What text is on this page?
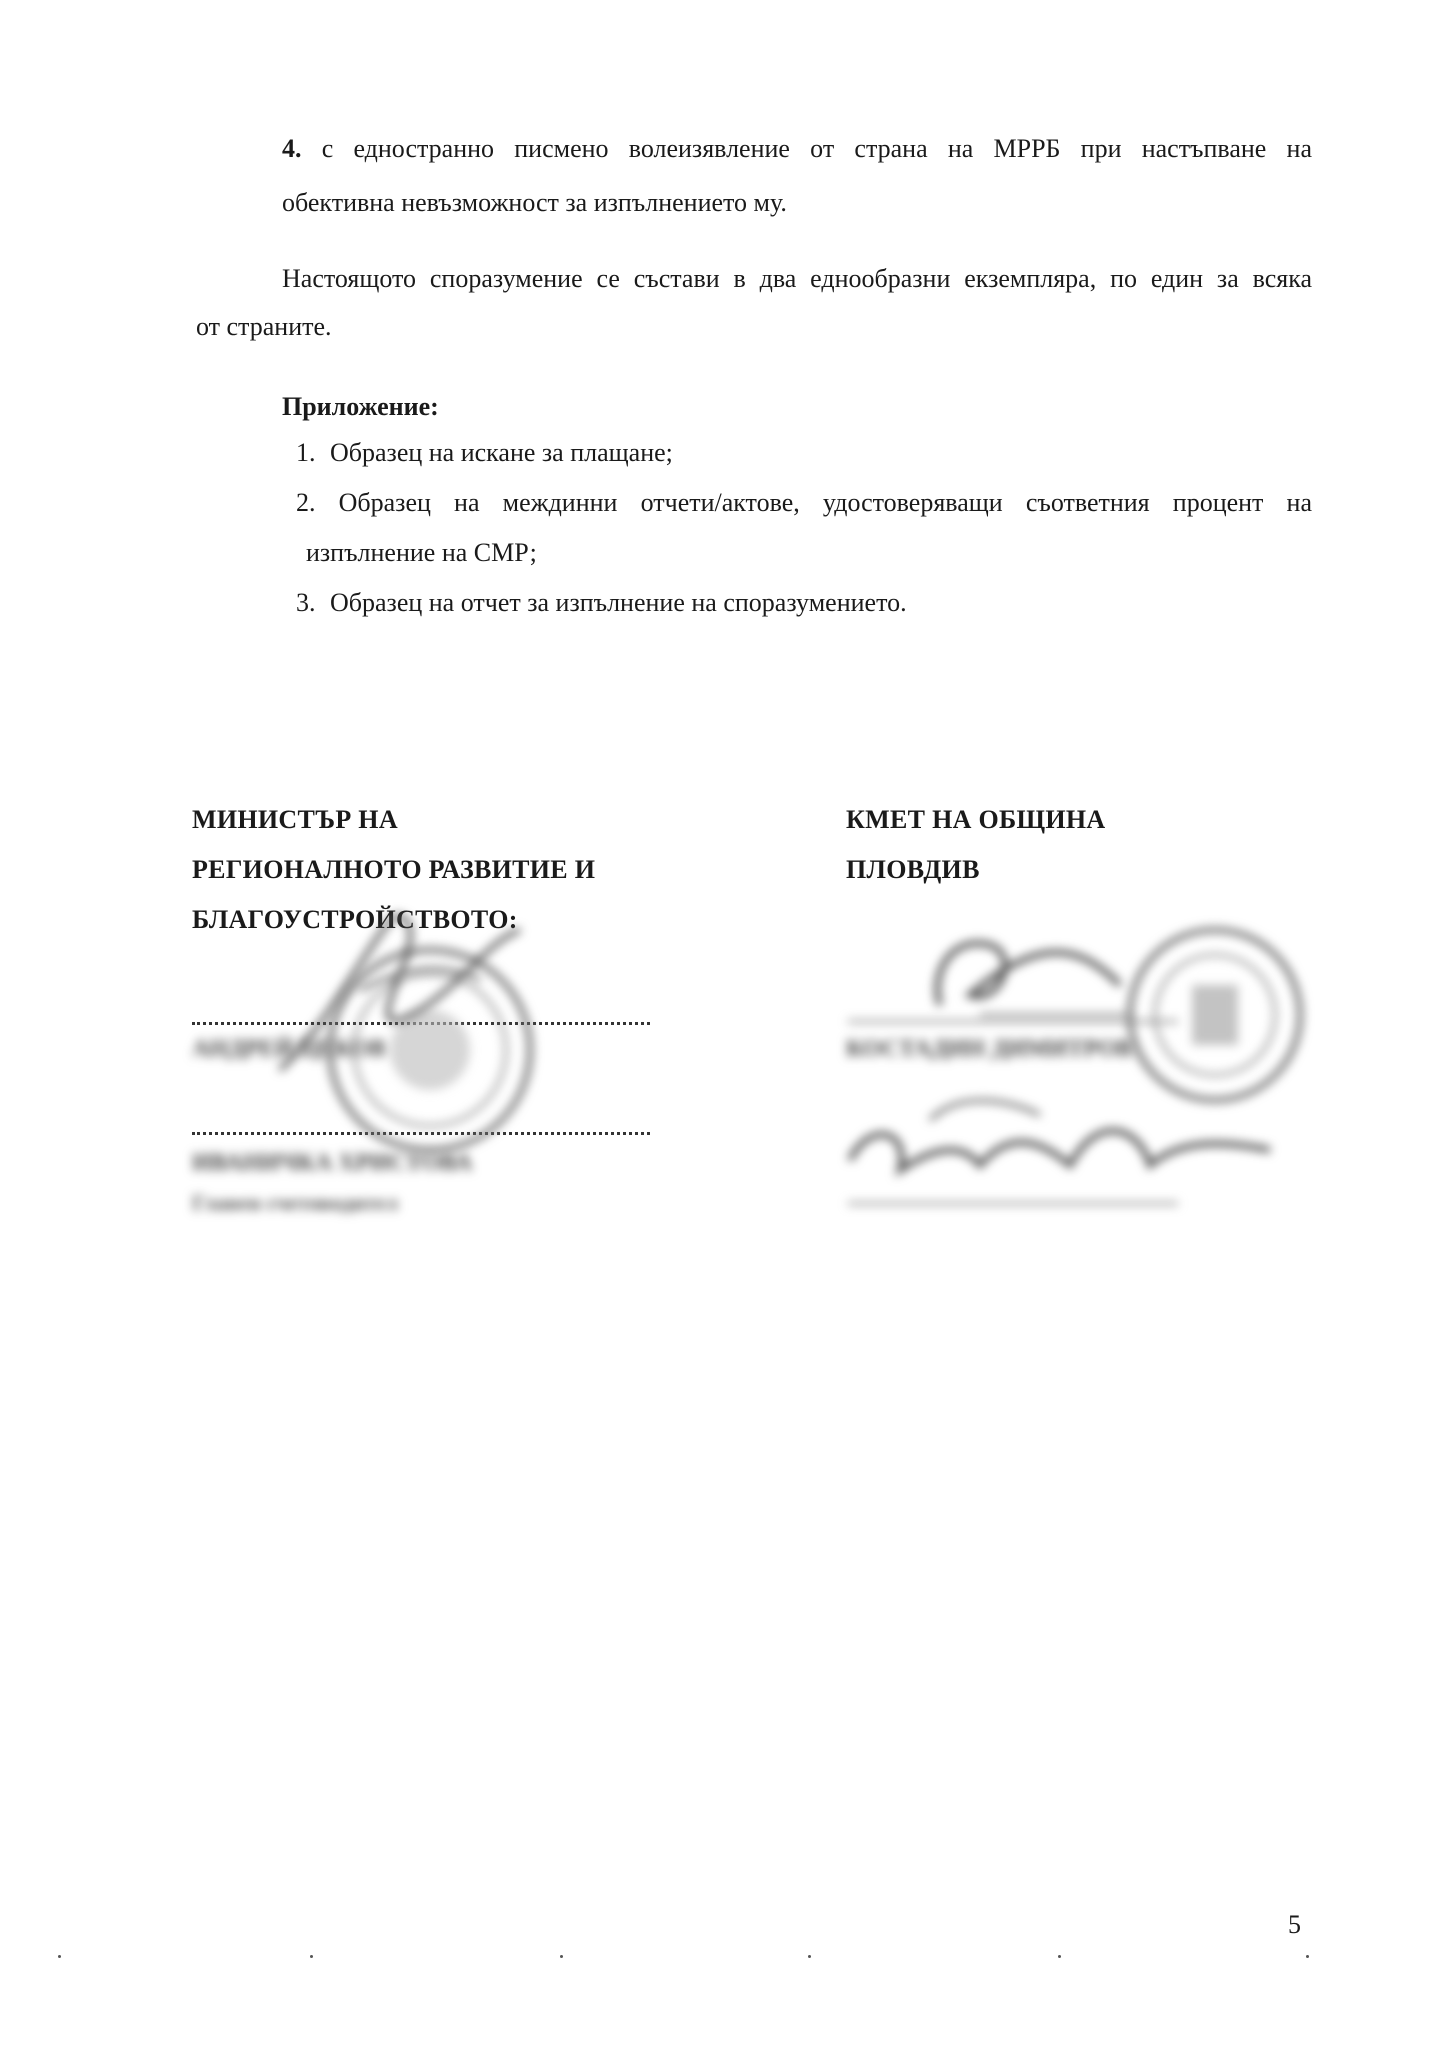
4. с едностранно писмено волеизявление от страна на МРРБ при настъпване на
обективна невъзможност за изпълнението му.
Настоящото споразумение се състави в два еднообразни екземпляра, по един за всяка
от страните.
Приложение:
1. Образец на искане за плащане;
2. Образец на междинни отчети/актове, удостоверяващи съответния процент на
изпълнение на СМР;
3. Образец на отчет за изпълнение на споразумението.
МИНИСТЪР НА
РЕГИОНАЛНОТО РАЗВИТИЕ И
БЛАГОУСТРОЙСТВОТО:
АНДРЕЙ ЦЕКОВ
ИВАНИЧКА ХРИСТОВА
Главен счетоводител
КМЕТ НА ОБЩИНА
ПЛОВДИВ
КОСТАДИН ДИМИТРОВ
5
